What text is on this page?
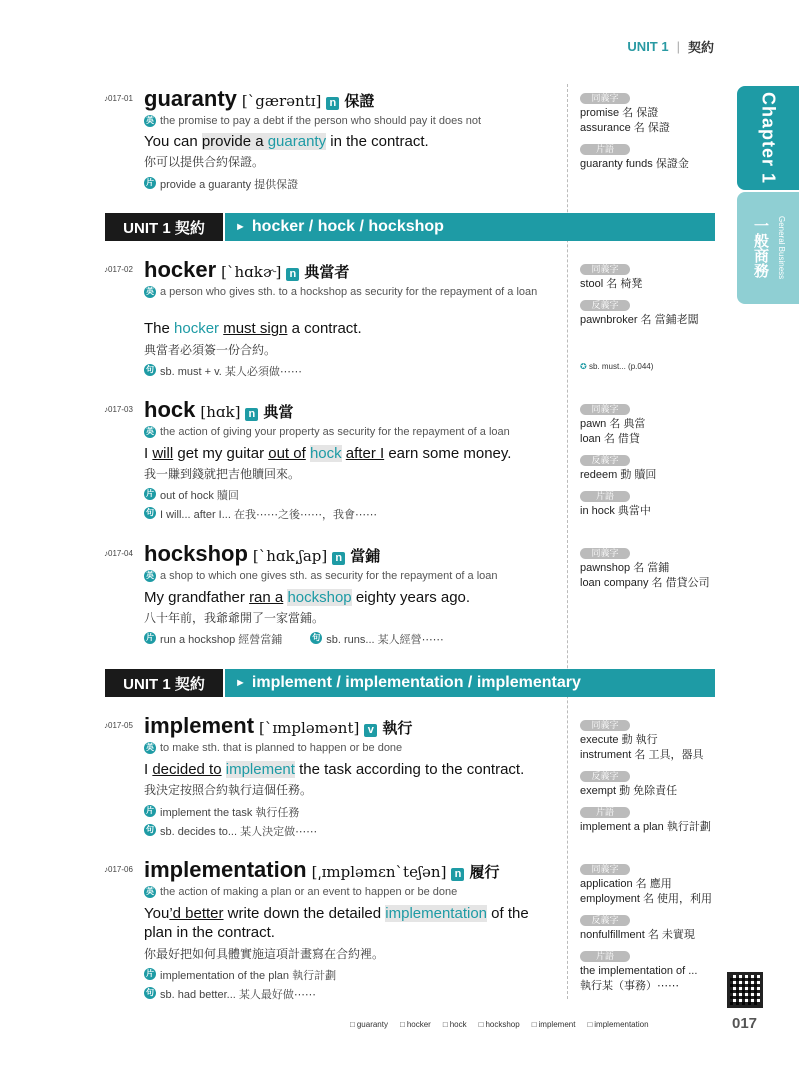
UNIT 1 | 契約
Chapter 1
一般商務 General Business
♪017-01 guaranty [ˋgærəntɪ] n 保證
英 the promise to pay a debt if the person who should pay it does not
You can provide a guaranty in the contract.
你可以提供合約保證。
片 provide a guaranty 提供保證
同義字
promise 名 保證
assurance 名 保證
片語
guaranty funds 保證金
UNIT 1 契約	► hocker / hock / hockshop
♪017-02 hocker [ˋhɑkɚ] n 典當者
英 a person who gives sth. to a hockshop as security for the repayment of a loan
The hocker must sign a contract.
典當者必須簽一份合約。
句 sb. must + v. 某人必須做⋯⋯
同義字
stool 名 椅凳
反義字
pawnbroker 名 當鋪老闆
✪ sb. must... (p.044)
♪017-03 hock [hɑk] n 典當
英 the action of giving your property as security for the repayment of a loan
I will get my guitar out of hock after I earn some money.
我一賺到錢就把吉他贖回來。
片 out of hock 贖回
句 I will... after I... 在我⋯⋯之後⋯⋯，我會⋯⋯
同義字
pawn 名 典當
loan 名 借貸
反義字
redeem 動 贖回
片語
in hock 典當中
♪017-04 hockshop [ˋhɑk͵ʃap] n 當鋪
英 a shop to which one gives sth. as security for the repayment of a loan
My grandfather ran a hockshop eighty years ago.
八十年前，我爺爺開了一家當鋪。
片 run a hockshop 經營當鋪	句 sb. runs... 某人經營⋯⋯
同義字
pawnshop 名 當鋪
loan company 名 借貸公司
UNIT 1 契約	► implement / implementation / implementary
♪017-05 implement [ˋɪmpləmənt] v 執行
英 to make sth. that is planned to happen or be done
I decided to implement the task according to the contract.
我決定按照合約執行這個任務。
片 implement the task 執行任務
句 sb. decides to... 某人決定做⋯⋯
同義字
execute 動 執行
instrument 名 工具，器具
反義字
exempt 動 免除責任
片語
implement a plan 執行計劃
♪017-06 implementation [͵ɪmpləmɛnˋteʃən] n 履行
英 the action of making a plan or an event to happen or be done
You’d better write down the detailed implementation of the plan in the contract.
你最好把如何具體實施這項計畫寫在合約裡。
片 implementation of the plan 執行計劃
句 sb. had better... 某人最好做⋯⋯
同義字
application 名 應用
employment 名 使用，利用
反義字
nonfulfillment 名 未實現
片語
the implementation of ...
執行某（事務）⋯⋯
□ guaranty	□ hocker	□ hock	□ hockshop	□ implement	□ implementation	017
